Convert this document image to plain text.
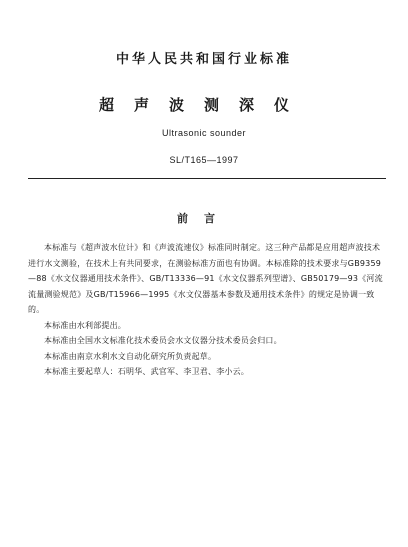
中华人民共和国行业标准
超声波测深仪
Ultrasonic sounder
SL/T165—1997
前言

本标准与《超声波水位计》和《声波流速仪》标准同时制定。这三种产品都是应用超声波技术进行水文测验，在技术上有共同要求，在测验标准方面也有协调。本标准除的技术要求与GB9359—88《水文仪器通用技术条件》、GB/T13336—91《水文仪器系列型谱》、GB50179—93《河流流量测验规范》及GB/T15966—1995《水文仪器基本参数及通用技术条件》的规定是协调一致的。

本标准由水利部提出。

本标准由全国水文标准化技术委员会水文仪器分技术委员会归口。

本标准由南京水利水文自动化研究所负责起草。

本标准主要起草人：石明华、武官军、李卫君、李小云。
